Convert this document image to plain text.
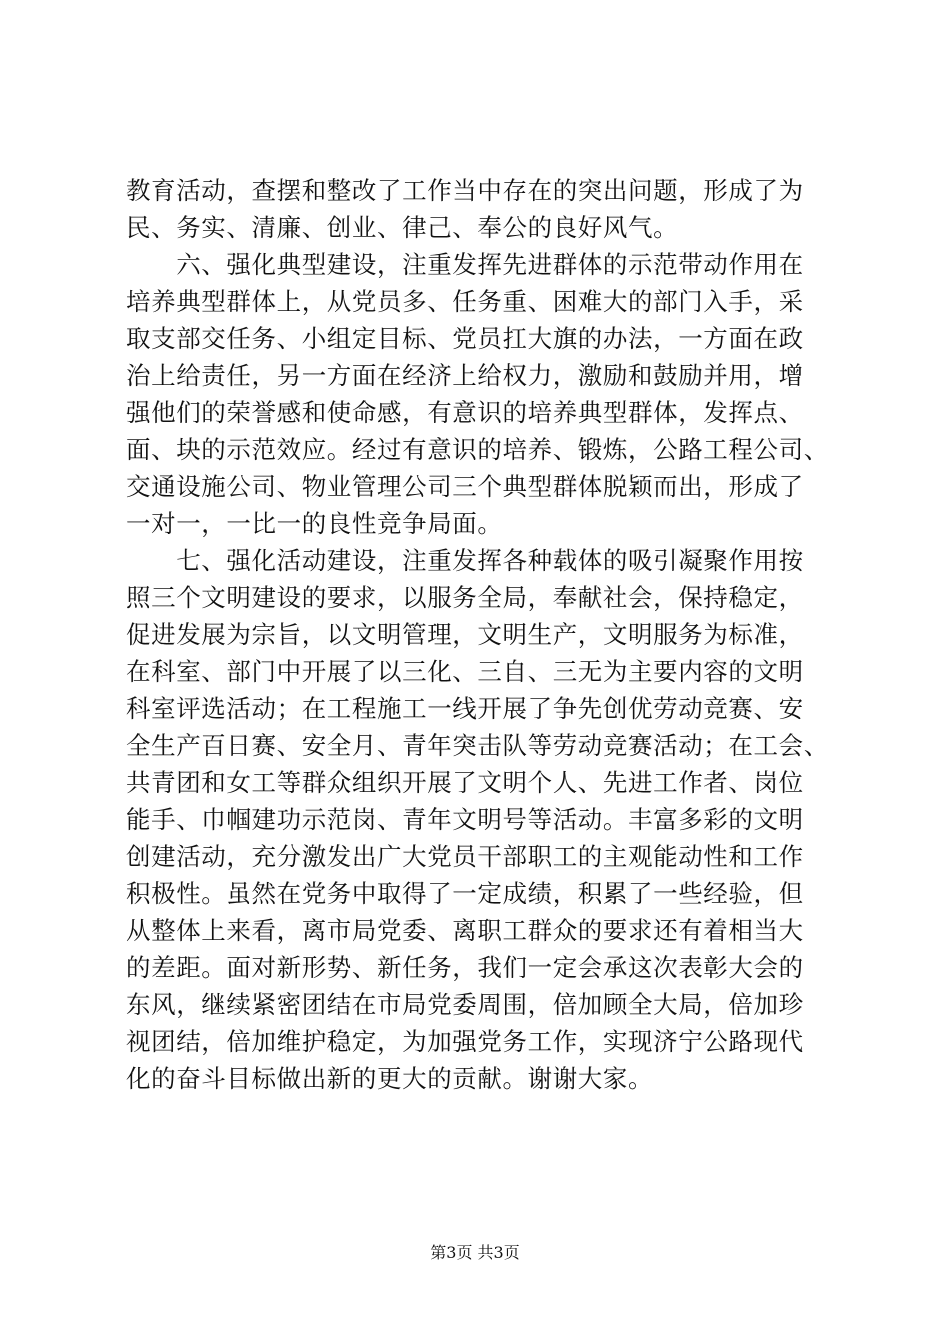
教育活动，查摆和整改了工作当中存在的突出问题，形成了为
民、务实、清廉、创业、律己、奉公的良好风气。
　　六、强化典型建设，注重发挥先进群体的示范带动作用在
培养典型群体上，从党员多、任务重、困难大的部门入手，采
取支部交任务、小组定目标、党员扛大旗的办法，一方面在政
治上给责任，另一方面在经济上给权力，激励和鼓励并用，增
强他们的荣誉感和使命感，有意识的培养典型群体，发挥点、
面、块的示范效应。经过有意识的培养、锻炼，公路工程公司、
交通设施公司、物业管理公司三个典型群体脱颖而出，形成了
一对一，一比一的良性竞争局面。
　　七、强化活动建设，注重发挥各种载体的吸引凝聚作用按
照三个文明建设的要求，以服务全局，奉献社会，保持稳定，
促进发展为宗旨，以文明管理，文明生产，文明服务为标准，
在科室、部门中开展了以三化、三自、三无为主要内容的文明
科室评选活动；在工程施工一线开展了争先创优劳动竞赛、安
全生产百日赛、安全月、青年突击队等劳动竞赛活动；在工会、
共青团和女工等群众组织开展了文明个人、先进工作者、岗位
能手、巾帼建功示范岗、青年文明号等活动。丰富多彩的文明
创建活动，充分激发出广大党员干部职工的主观能动性和工作
积极性。虽然在党务中取得了一定成绩，积累了一些经验，但
从整体上来看，离市局党委、离职工群众的要求还有着相当大
的差距。面对新形势、新任务，我们一定会承这次表彰大会的
东风，继续紧密团结在市局党委周围，倍加顾全大局，倍加珍
视团结，倍加维护稳定，为加强党务工作，实现济宁公路现代
化的奋斗目标做出新的更大的贡献。谢谢大家。
第3页 共3页
